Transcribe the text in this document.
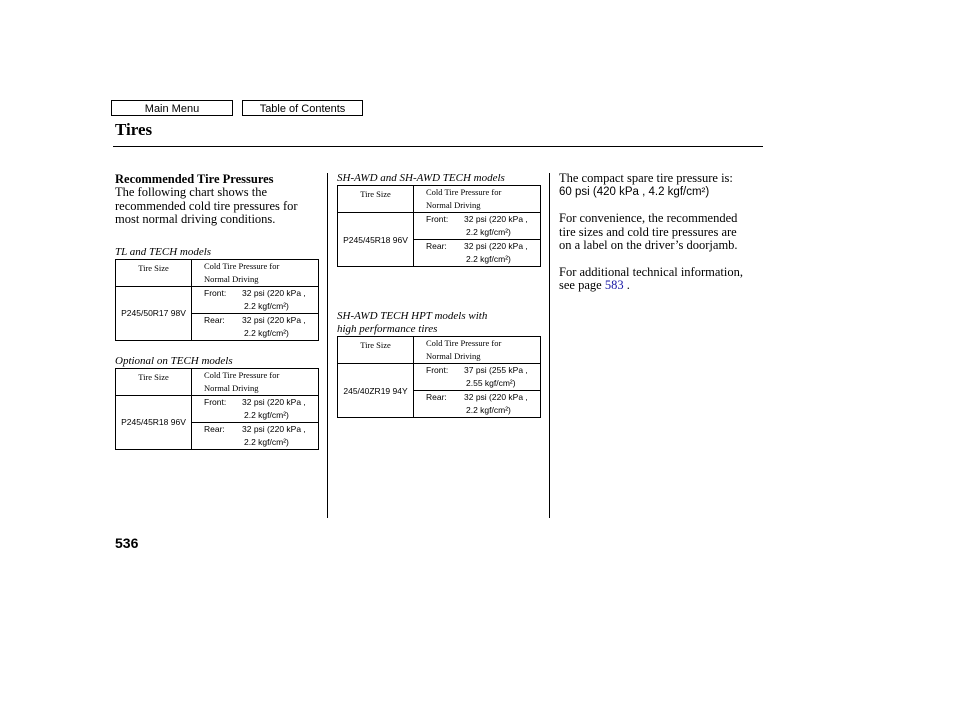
Main Menu	Table of Contents
Tires
Recommended Tire Pressures

The following chart shows the

recommended cold tire pressures for

most normal driving conditions.

TL and TECH models

Tire Size	Cold Tire Pressure for
Normal Driving

P245/50R17 98V	Front: 32 psi (220 kPa ,
2.2 kgf/cm²)

	Rear: 32 psi (220 kPa ,
2.2 kgf/cm²)

Optional on TECH models

Tire Size	Cold Tire Pressure for
Normal Driving

P245/45R18 96V	Front: 32 psi (220 kPa ,
2.2 kgf/cm²)

	Rear: 32 psi (220 kPa ,
2.2 kgf/cm²)

SH-AWD and SH-AWD TECH models

Tire Size	Cold Tire Pressure for
Normal Driving

P245/45R18 96V	Front: 32 psi (220 kPa ,
2.2 kgf/cm²)

	Rear: 32 psi (220 kPa ,
2.2 kgf/cm²)

SH-AWD TECH HPT models with

high performance tires

Tire Size	Cold Tire Pressure for
Normal Driving

245/40ZR19 94Y	Front: 37 psi (255 kPa ,
2.55 kgf/cm²)

	Rear: 32 psi (220 kPa ,
2.2 kgf/cm²)

The compact spare tire pressure is:

60 psi (420 kPa , 4.2 kgf/cm²)

For convenience, the recommended

tire sizes and cold tire pressures are

on a label on the driver’s doorjamb.

For additional technical information,

see page 583 .

536
